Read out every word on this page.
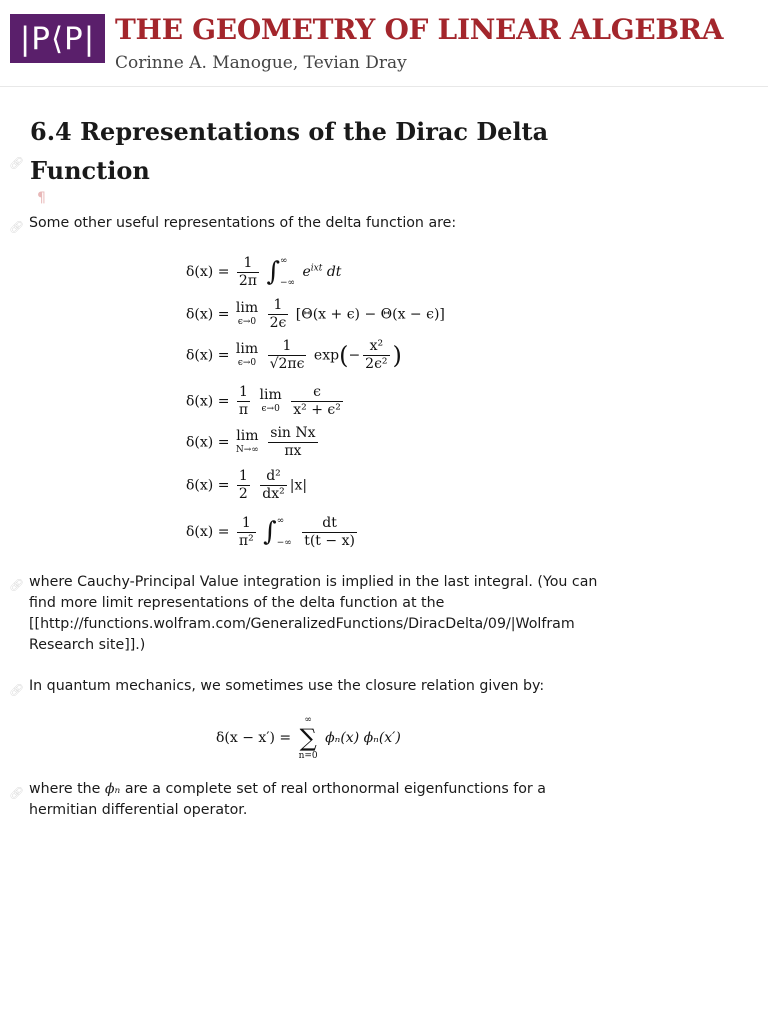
|P⟨P| THE GEOMETRY OF LINEAR ALGEBRA
Corinne A. Manogue, Tevian Dray
🔗︎
6.4 Representations of the Dirac Delta Function
¶
🔗︎ Some other useful representations of the delta function are:

$\delta(x) = \frac{1}{2\pi}$ ∫ ∞
−∞
$e^{ixt}$ dt
δ(x) = lim
ϵ→0
$\frac{1}{2\epsilon} [\Theta(x + \epsilon) - \Theta(x - \epsilon)]$
δ(x) = lim
ϵ→0
$\frac{1}{√2\pi\epsilon} \exp(- \frac{\text{x²}}{\text{2ϵ²}}$ )
$\delta(x) = \frac{1}{\pi}$ lim
ϵ→0
$\frac{\epsilon}{\text{x² + ϵ²}}$
δ(x) = lim
N→∞
$\frac{\text{sin Nx}}{\pi x}$
$\delta(x) = \frac{1}{2}$
$\frac{\text{d²}}{\text{dx²}} |x|$
$\delta(x) = \frac{1}{\text{π²}}$ ∫ ∞
−∞
$\frac{dt}{t(t - x)}$
🔗︎ where Cauchy-Principal Value integration is implied in the last integral. (You can find more limit representations of the delta function at the [[http://functions.wolfram.com/GeneralizedFunctions/DiracDelta/09/|Wolfram Research site]].)

🔗︎ In quantum mechanics, we sometimes use the closure relation given by:

δ(x − x′) =
∞
∑
n=0
ϕₙ(x) ϕₙ(x′)
🔗︎ where the ϕₙ are a complete set of real orthonormal eigenfunctions for a hermitian differential operator.
